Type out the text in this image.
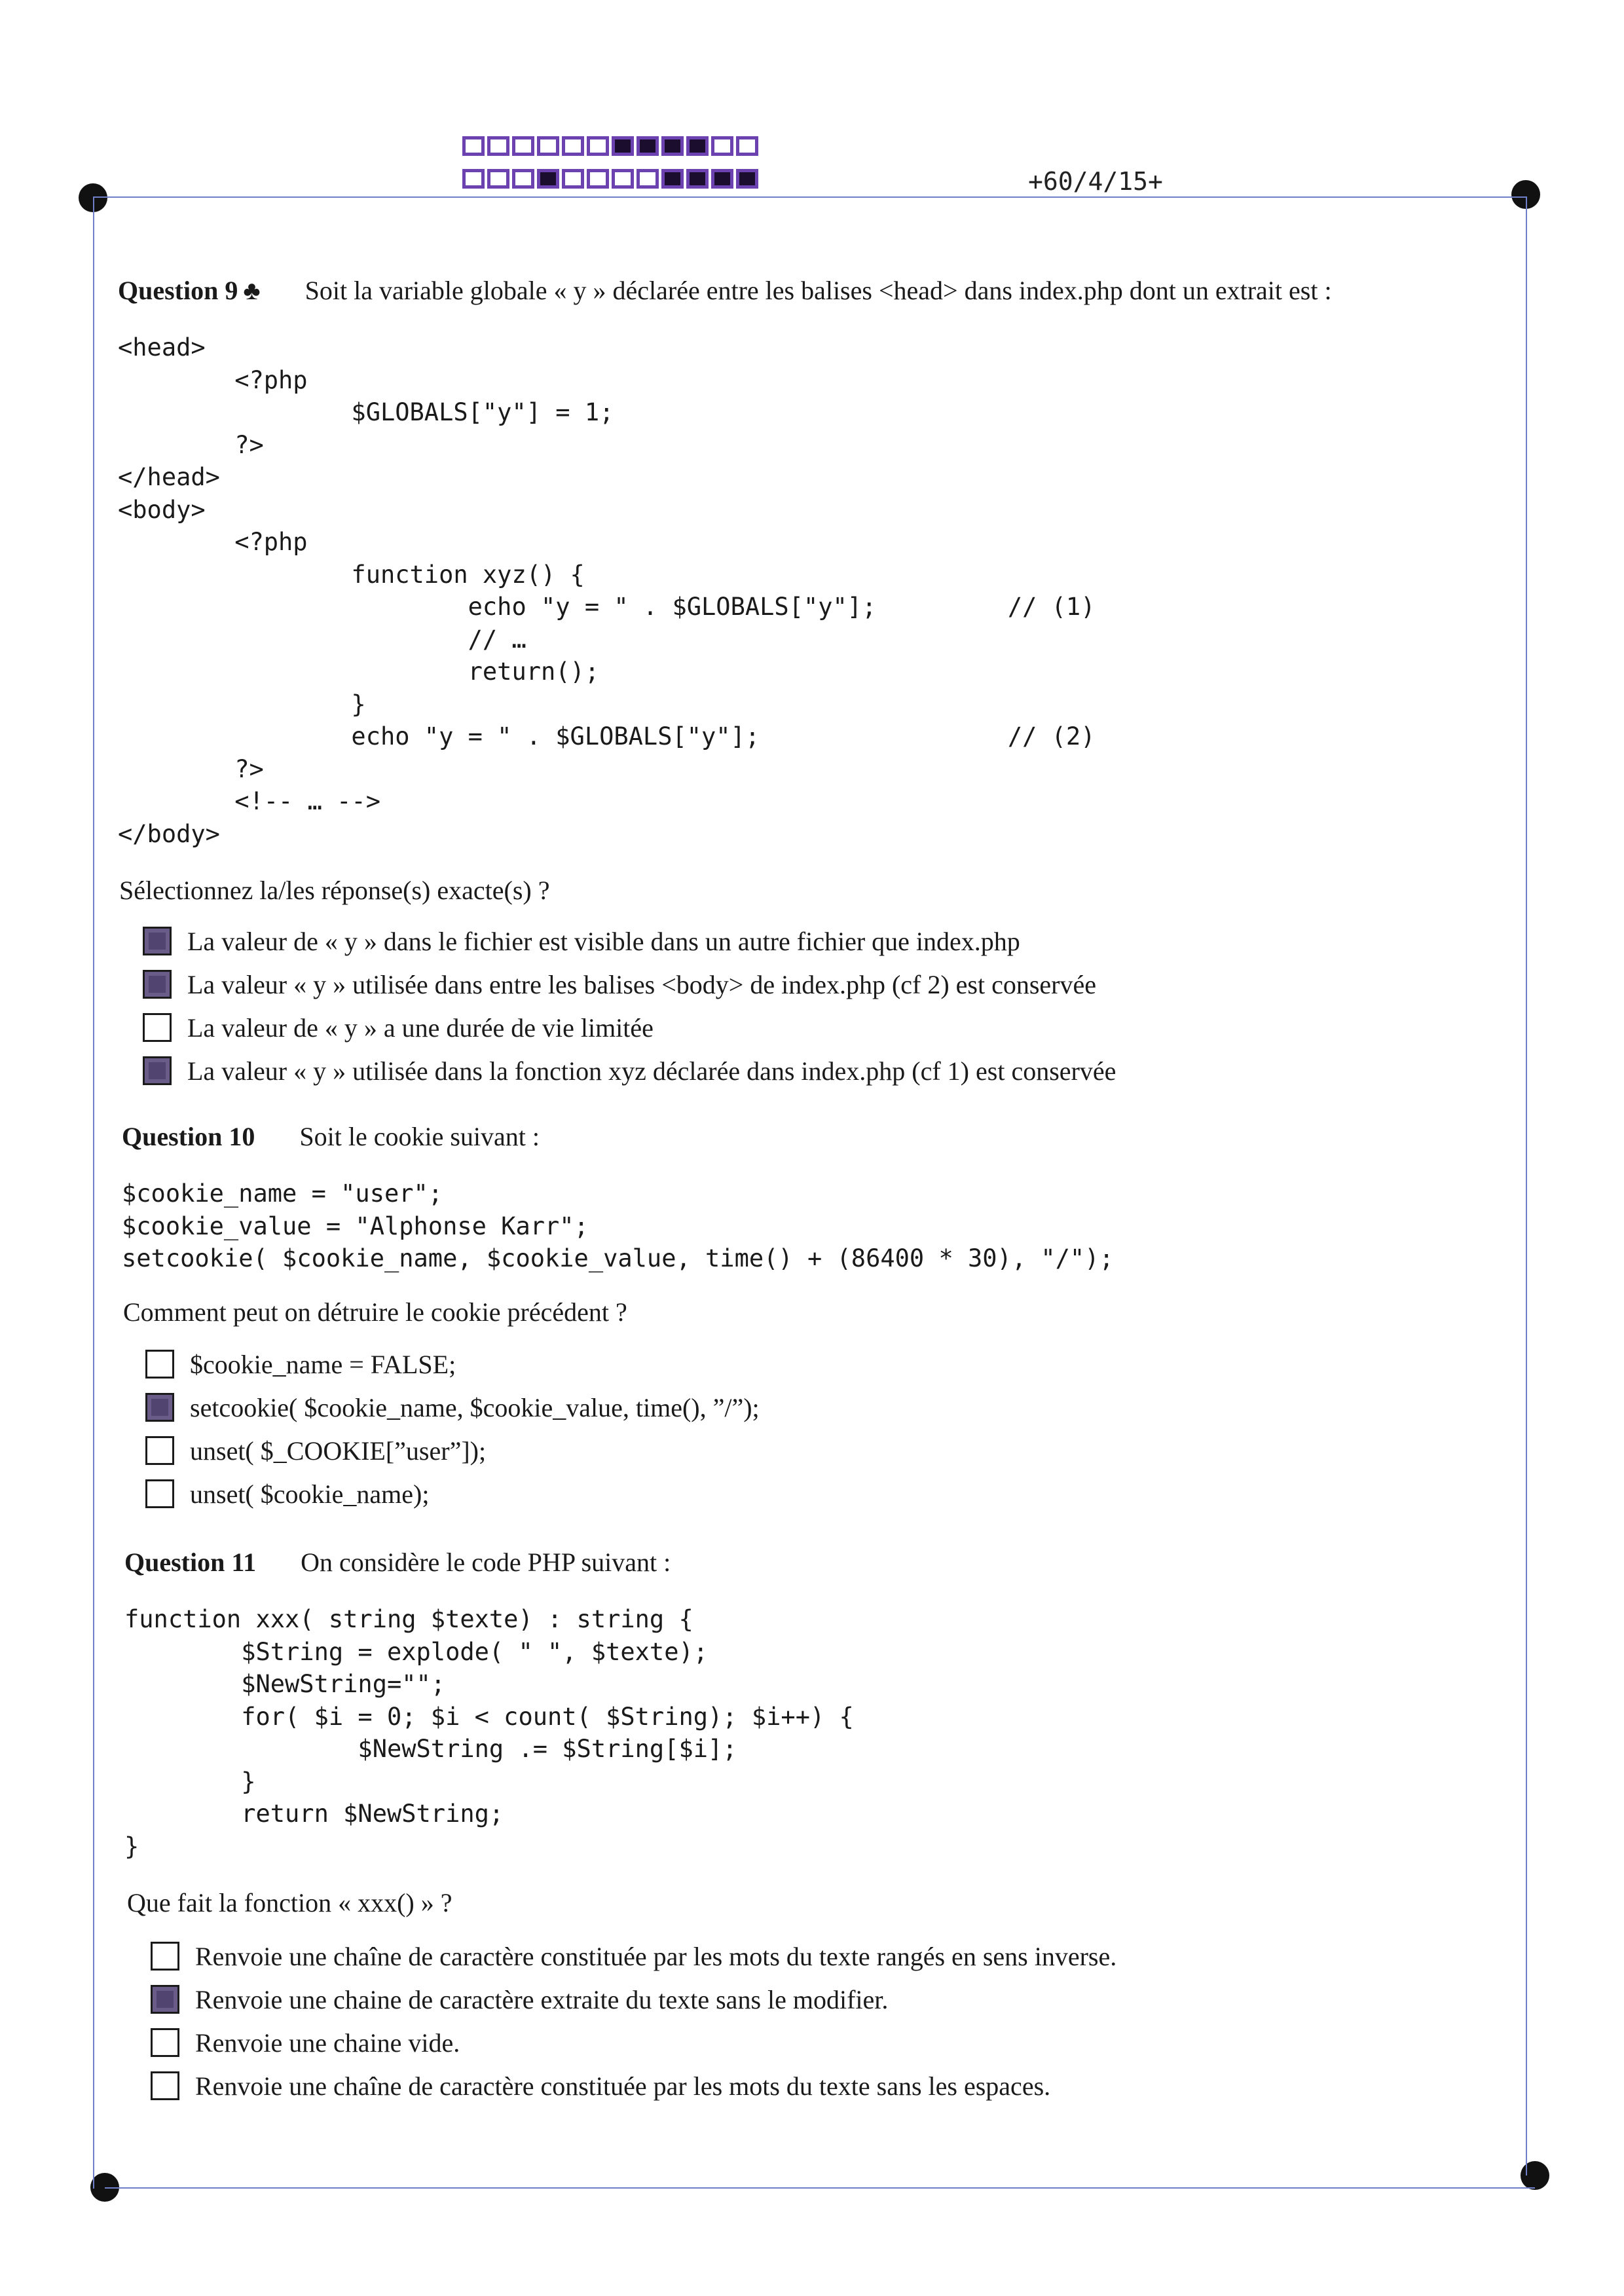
+60/4/15+
Question 9 ♣ Soit la variable globale « y » déclarée entre les balises <head> dans index.php dont un extrait est :
<head>
<?php
$GLOBALS["y"] = 1;
?>
</head>
<body>
<?php
function xyz() {
echo "y = " . $GLOBALS["y"];         // (1)
// …
return();
}
echo "y = " . $GLOBALS["y"];                 // (2)
?>
<!-- … -->
</body>
Sélectionnez la/les réponse(s) exacte(s) ?
La valeur de « y » dans le fichier est visible dans un autre fichier que index.php
La valeur « y » utilisée dans entre les balises <body> de index.php (cf 2) est conservée
La valeur de « y » a une durée de vie limitée
La valeur « y » utilisée dans la fonction xyz déclarée dans index.php (cf 1) est conservée
Question 10 Soit le cookie suivant :
$cookie_name = "user";
$cookie_value = "Alphonse Karr";
setcookie( $cookie_name, $cookie_value, time() + (86400 * 30), "/");
Comment peut on détruire le cookie précédent ?
$cookie_name = FALSE;
setcookie( $cookie_name, $cookie_value, time(), ”/”);
unset( $_COOKIE[”user”]);
unset( $cookie_name);
Question 11 On considère le code PHP suivant :
function xxx( string $texte) : string {
$String = explode( " ", $texte);
$NewString="";
for( $i = 0; $i < count( $String); $i++) {
$NewString .= $String[$i];
}
return $NewString;
}
Que fait la fonction « xxx() » ?
Renvoie une chaîne de caractère constituée par les mots du texte rangés en sens inverse.
Renvoie une chaine de caractère extraite du texte sans le modifier.
Renvoie une chaine vide.
Renvoie une chaîne de caractère constituée par les mots du texte sans les espaces.
